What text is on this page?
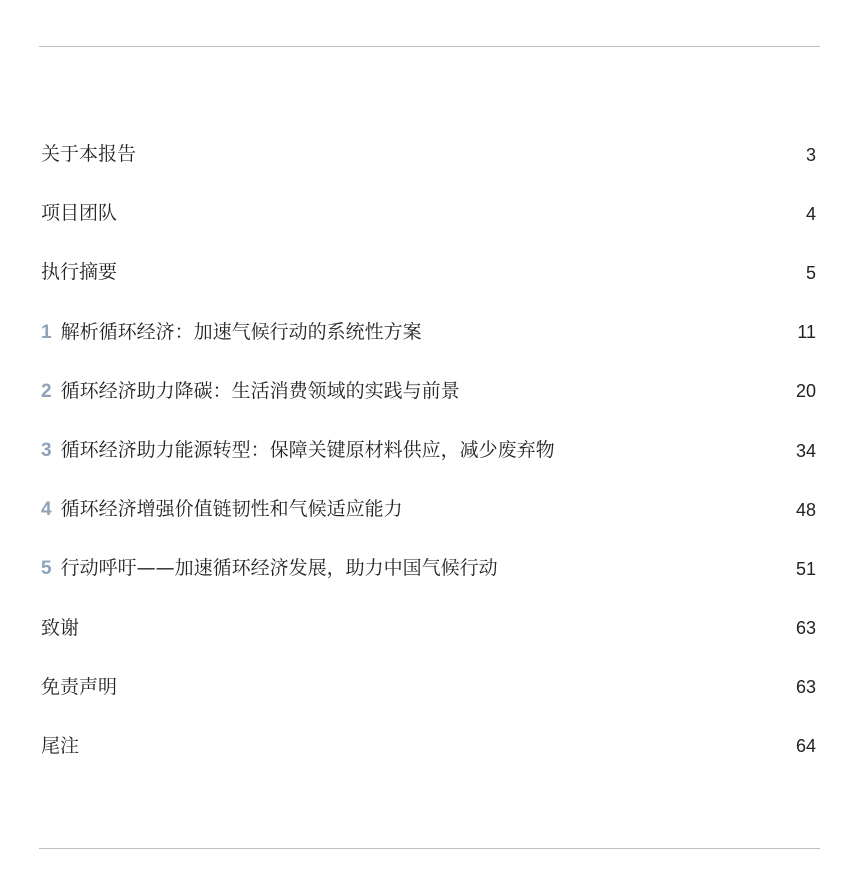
关于本报告	3
项目团队	4
执行摘要	5
1 解析循环经济：加速气候行动的系统性方案	11
2 循环经济助力降碳：生活消费领域的实践与前景	20
3 循环经济助力能源转型：保障关键原材料供应，减少废弃物	34
4 循环经济增强价值链韧性和气候适应能力	48
5 行动呼吁——加速循环经济发展，助力中国气候行动	51
致谢	63
免责声明	63
尾注	64
